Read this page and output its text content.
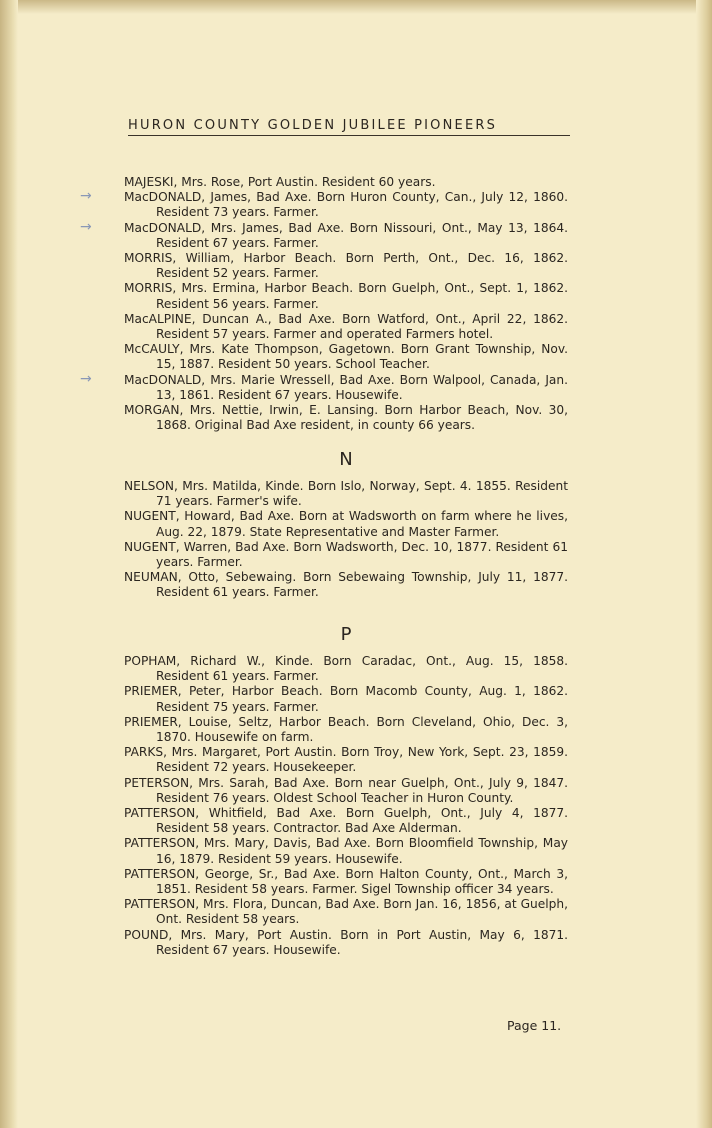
HURON COUNTY GOLDEN JUBILEE PIONEERS
MAJESKI, Mrs. Rose, Port Austin. Resident 60 years.
→	MacDONALD, James, Bad Axe. Born Huron County, Can., July 12, 1860. Resident 73 years. Farmer.
→	MacDONALD, Mrs. James, Bad Axe. Born Nissouri, Ont., May 13, 1864. Resident 67 years. Farmer.
MORRIS, William, Harbor Beach. Born Perth, Ont., Dec. 16, 1862. Resident 52 years. Farmer.
MORRIS, Mrs. Ermina, Harbor Beach. Born Guelph, Ont., Sept. 1, 1862. Resident 56 years. Farmer.
MacALPINE, Duncan A., Bad Axe. Born Watford, Ont., April 22, 1862. Resident 57 years. Farmer and operated Farmers hotel.
McCAULY, Mrs. Kate Thompson, Gagetown. Born Grant Township, Nov. 15, 1887. Resident 50 years. School Teacher.
→	MacDONALD, Mrs. Marie Wressell, Bad Axe. Born Walpool, Canada, Jan. 13, 1861. Resident 67 years. Housewife.
MORGAN, Mrs. Nettie, Irwin, E. Lansing. Born Harbor Beach, Nov. 30, 1868. Original Bad Axe resident, in county 66 years.
N
NELSON, Mrs. Matilda, Kinde. Born Islo, Norway, Sept. 4. 1855. Resident 71 years. Farmer's wife.
NUGENT, Howard, Bad Axe. Born at Wadsworth on farm where he lives, Aug. 22, 1879. State Representative and Master Farmer.
NUGENT, Warren, Bad Axe. Born Wadsworth, Dec. 10, 1877. Resident 61 years. Farmer.
NEUMAN, Otto, Sebewaing. Born Sebewaing Township, July 11, 1877. Resident 61 years. Farmer.
P
POPHAM, Richard W., Kinde. Born Caradac, Ont., Aug. 15, 1858. Resident 61 years. Farmer.
PRIEMER, Peter, Harbor Beach. Born Macomb County, Aug. 1, 1862. Resident 75 years. Farmer.
PRIEMER, Louise, Seltz, Harbor Beach. Born Cleveland, Ohio, Dec. 3, 1870. Housewife on farm.
PARKS, Mrs. Margaret, Port Austin. Born Troy, New York, Sept. 23, 1859. Resident 72 years. Housekeeper.
PETERSON, Mrs. Sarah, Bad Axe. Born near Guelph, Ont., July 9, 1847. Resident 76 years. Oldest School Teacher in Huron County.
PATTERSON, Whitfield, Bad Axe. Born Guelph, Ont., July 4, 1877. Resident 58 years. Contractor. Bad Axe Alderman.
PATTERSON, Mrs. Mary, Davis, Bad Axe. Born Bloomfield Township, May 16, 1879. Resident 59 years. Housewife.
PATTERSON, George, Sr., Bad Axe. Born Halton County, Ont., March 3, 1851. Resident 58 years. Farmer. Sigel Township officer 34 years.
PATTERSON, Mrs. Flora, Duncan, Bad Axe. Born Jan. 16, 1856, at Guelph, Ont. Resident 58 years.
POUND, Mrs. Mary, Port Austin. Born in Port Austin, May 6, 1871. Resident 67 years. Housewife.
Page 11.
